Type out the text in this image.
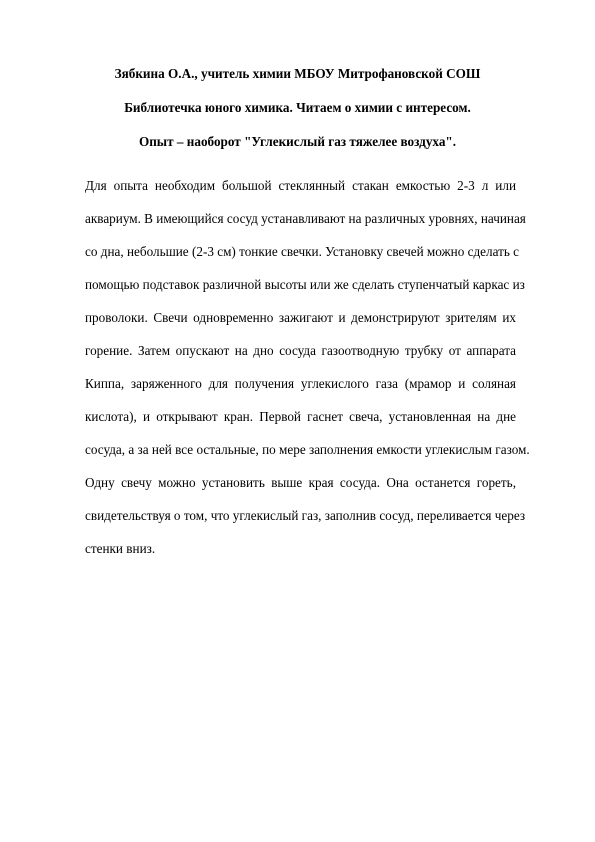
Зябкина О.А., учитель химии МБОУ Митрофановской СОШ
Библиотечка юного химика. Читаем о химии с интересом.
Опыт – наоборот "Углекислый газ тяжелее воздуха".
Для опыта необходим большой стеклянный стакан емкостью 2-3 л или
аквариум. В имеющийся сосуд устанавливают на различных уровнях, начиная
со дна, небольшие (2-3 см) тонкие свечки. Установку свечей можно сделать с
помощью подставок различной высоты или же сделать ступенчатый каркас из
проволоки. Свечи одновременно зажигают и демонстрируют зрителям их
горение. Затем опускают на дно сосуда газоотводную трубку от аппарата
Киппа, заряженного для получения углекислого газа (мрамор и соляная
кислота), и открывают кран. Первой гаснет свеча, установленная на дне
сосуда, а за ней все остальные, по мере заполнения емкости углекислым газом.
Одну свечу можно установить выше края сосуда. Она останется гореть,
свидетельствуя о том, что углекислый газ, заполнив сосуд, переливается через
стенки вниз.
